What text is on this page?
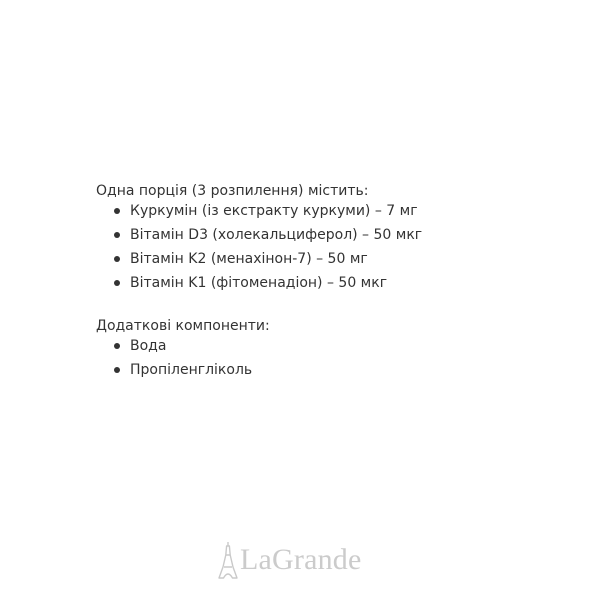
Одна порція (3 розпилення) містить:

Куркумін (із екстракту куркуми) – 7 мг
Вітамін D3 (холекальциферол) – 50 мкг
Вітамін K2 (менахінон-7) – 50 мг
Вітамін K1 (фітоменадіон) – 50 мкг

Додаткові компоненти:

Вода
Пропіленгліколь
LaGrande
